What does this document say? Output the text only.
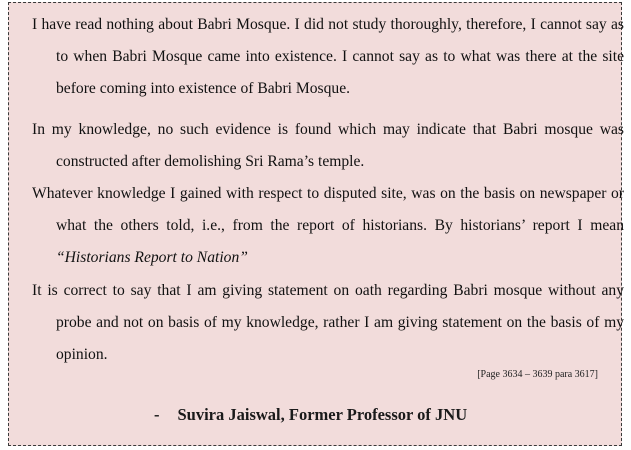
I have read nothing about Babri Mosque. I did not study thoroughly, therefore, I cannot say as to when Babri Mosque came into existence. I cannot say as to what was there at the site before coming into existence of Babri Mosque.
In my knowledge, no such evidence is found which may indicate that Babri mosque was constructed after demolishing Sri Rama’s temple.
Whatever knowledge I gained with respect to disputed site, was on the basis on newspaper or what the others told, i.e., from the report of historians. By historians’ report I mean “Historians Report to Nation”
It is correct to say that I am giving statement on oath regarding Babri mosque without any probe and not on basis of my knowledge, rather I am giving statement on the basis of my opinion.
[Page 3634 – 3639 para 3617]
- Suvira Jaiswal, Former Professor of JNU
